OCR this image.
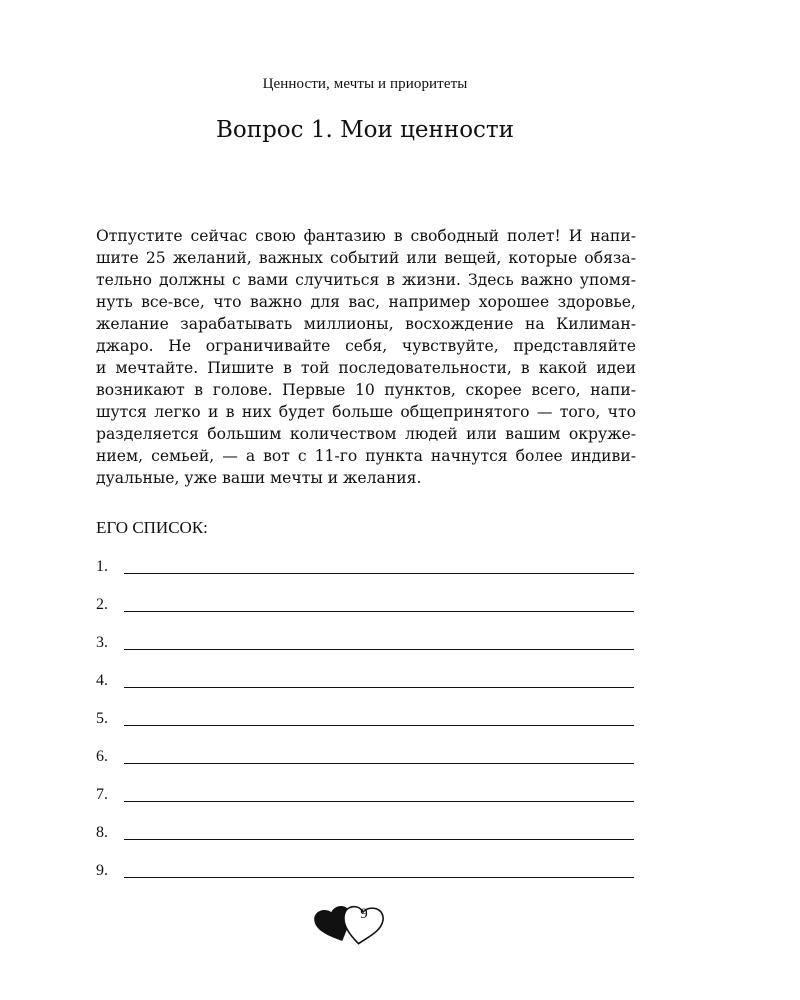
Ценности, мечты и приоритеты
Вопрос 1. Мои ценности
Отпустите сейчас свою фантазию в свободный полет! И напи-
шите 25 желаний, важных событий или вещей, которые обяза-
тельно должны с вами случиться в жизни. Здесь важно упомя-
нуть все-все, что важно для вас, например хорошее здоровье,
желание зарабатывать миллионы, восхождение на Килиман-
джаро. Не ограничивайте себя, чувствуйте, представляйте
и мечтайте. Пишите в той последовательности, в какой идеи
возникают в голове. Первые 10 пунктов, скорее всего, напи-
шутся легко и в них будет больше общепринятого — того, что
разделяется большим количеством людей или вашим окруже-
нием, семьей, — а вот с 11-го пункта начнутся более индиви-
дуальные, уже ваши мечты и желания.
ЕГО СПИСОК:
1.
2.
3.
4.
5.
6.
7.
8.
9.
9
